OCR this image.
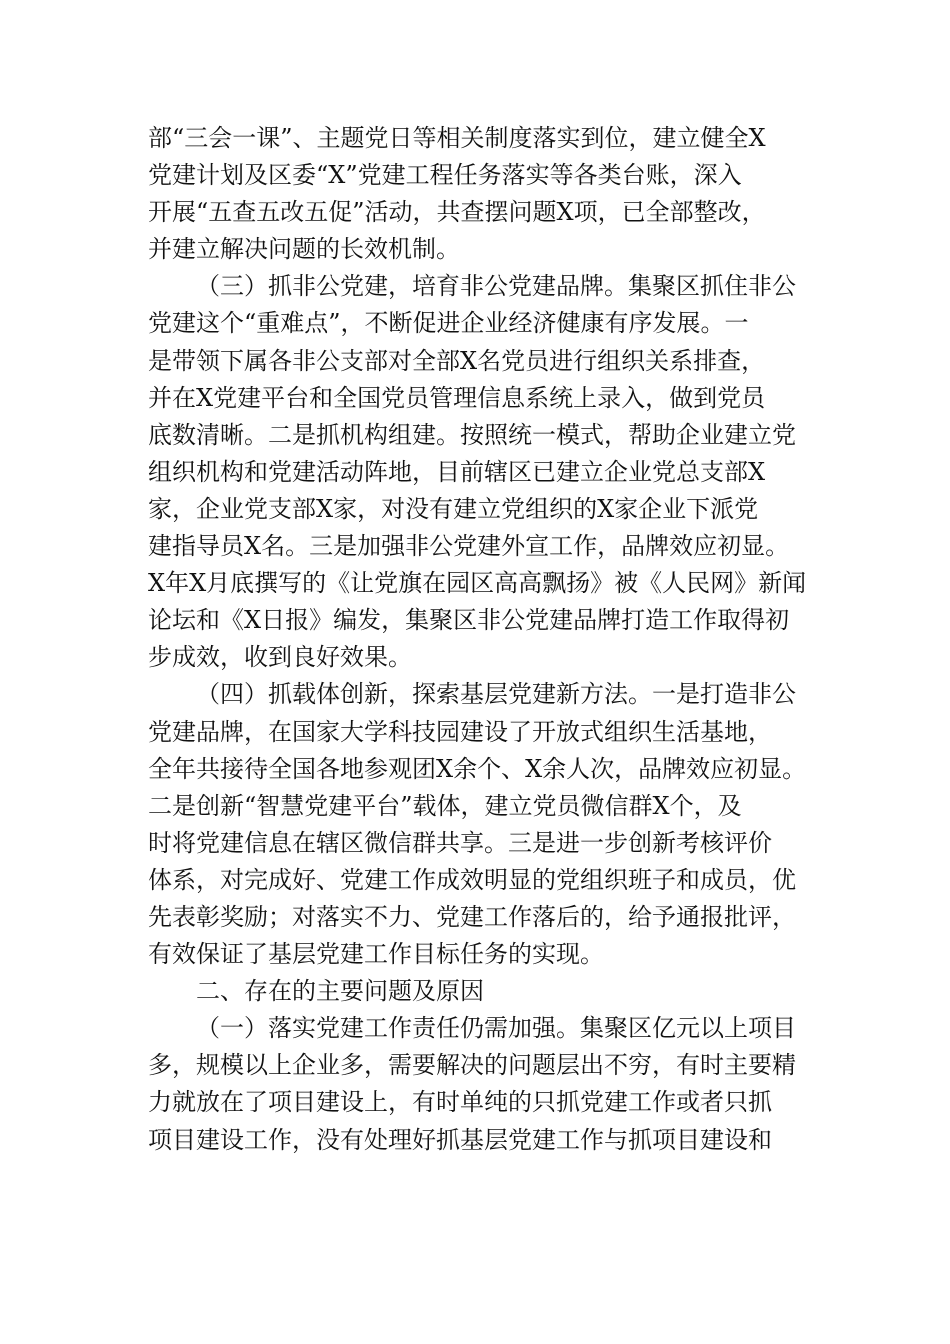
部“三会一课”、主题党日等相关制度落实到位，建立健全X
党建计划及区委“X”党建工程任务落实等各类台账，深入
开展“五查五改五促”活动，共查摆问题X项，已全部整改，
并建立解决问题的长效机制。
（三）抓非公党建，培育非公党建品牌。集聚区抓住非公
党建这个“重难点”，不断促进企业经济健康有序发展。一
是带领下属各非公支部对全部X名党员进行组织关系排查，
并在X党建平台和全国党员管理信息系统上录入，做到党员
底数清晰。二是抓机构组建。按照统一模式，帮助企业建立党
组织机构和党建活动阵地，目前辖区已建立企业党总支部X
家，企业党支部X家，对没有建立党组织的X家企业下派党
建指导员X名。三是加强非公党建外宣工作，品牌效应初显。
X年X月底撰写的《让党旗在园区高高飘扬》被《人民网》新闻
论坛和《X日报》编发，集聚区非公党建品牌打造工作取得初
步成效，收到良好效果。
（四）抓载体创新，探索基层党建新方法。一是打造非公
党建品牌，在国家大学科技园建设了开放式组织生活基地，
全年共接待全国各地参观团X余个、X余人次，品牌效应初显。
二是创新“智慧党建平台”载体，建立党员微信群X个，及
时将党建信息在辖区微信群共享。三是进一步创新考核评价
体系，对完成好、党建工作成效明显的党组织班子和成员，优
先表彰奖励；对落实不力、党建工作落后的，给予通报批评，
有效保证了基层党建工作目标任务的实现。
二、存在的主要问题及原因
（一）落实党建工作责任仍需加强。集聚区亿元以上项目
多，规模以上企业多，需要解决的问题层出不穷，有时主要精
力就放在了项目建设上，有时单纯的只抓党建工作或者只抓
项目建设工作，没有处理好抓基层党建工作与抓项目建设和
